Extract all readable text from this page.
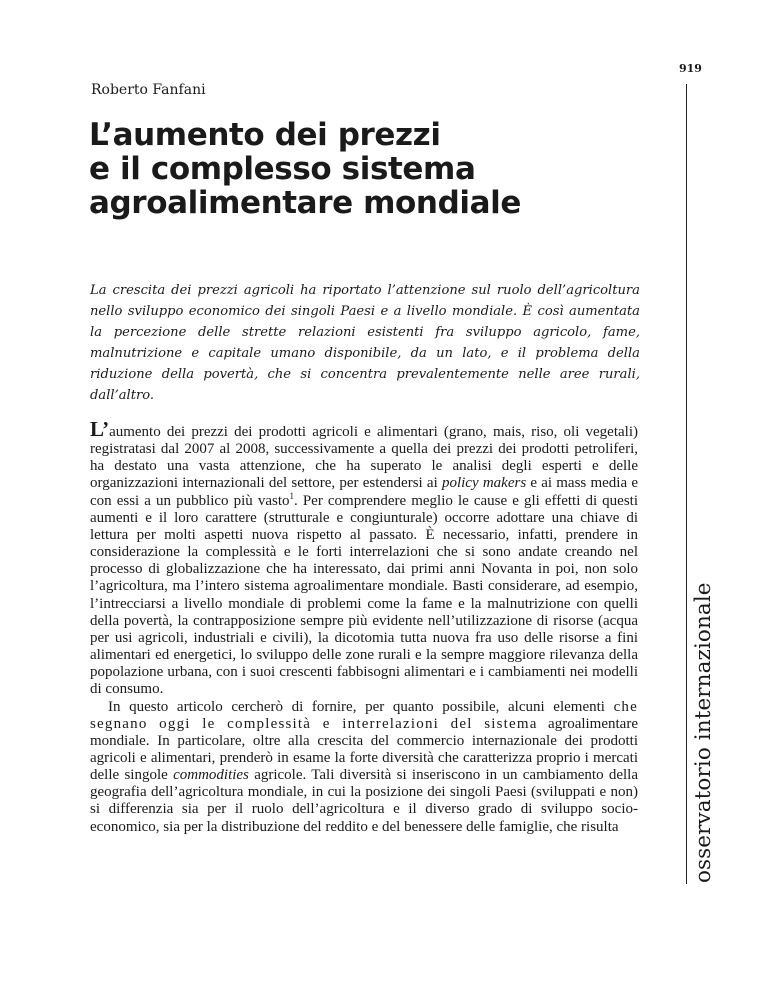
919
osservatorio internazionale
Roberto Fanfani
L’aumento dei prezzi
e il complesso sistema
agroalimentare mondiale

La crescita dei prezzi agricoli ha riportato l’attenzione sul ruolo dell’agricoltura nello sviluppo economico dei singoli Paesi e a livello mondiale. È così aumentata la percezione delle strette relazioni esistenti fra sviluppo agricolo, fame, malnutrizione e capitale umano disponibile, da un lato, e il problema della riduzione della povertà, che si concentra prevalentemente nelle aree rurali, dall’altro.

L’aumento dei prezzi dei prodotti agricoli e alimentari (grano, mais, riso, oli vegetali) registratasi dal 2007 al 2008, successivamente a quella dei prezzi dei prodotti petroliferi, ha destato una vasta attenzione, che ha superato le analisi degli esperti e delle organizzazioni internazionali del settore, per estendersi ai policy makers e ai mass media e con essi a un pubblico più vasto$^1$. Per comprendere meglio le cause e gli effetti di questi aumenti e il loro carattere (strutturale e congiunturale) occorre adottare una chiave di lettura per molti aspetti nuova rispetto al passato. È necessario, infatti, prendere in considerazione la complessità e le forti interrelazioni che si sono andate creando nel processo di globalizzazione che ha interessato, dai primi anni Novanta in poi, non solo l’agricoltura, ma l’intero sistema agroalimentare mondiale. Basti considerare, ad esempio, l’intrecciarsi a livello mondiale di problemi come la fame e la malnutrizione con quelli della povertà, la contrapposizione sempre più evidente nell’utilizzazione di risorse (acqua per usi agricoli, industriali e civili), la dicotomia tutta nuova fra uso delle risorse a fini alimentari ed energetici, lo sviluppo delle zone rurali e la sempre maggiore rilevanza della popolazione urbana, con i suoi crescenti fabbisogni alimentari e i cambiamenti nei modelli di consumo.

In questo articolo cercherò di fornire, per quanto possibile, alcuni elementi che segnano oggi le complessità e interrelazioni del sistema agroalimentare mondiale. In particolare, oltre alla crescita del commercio internazionale dei prodotti agricoli e alimentari, prenderò in esame la forte diversità che caratterizza proprio i mercati delle singole commodities agricole. Tali diversità si inseriscono in un cambiamento della geografia dell’agricoltura mondiale, in cui la posizione dei singoli Paesi (sviluppati e non) si differenzia sia per il ruolo dell’agricoltura e il diverso grado di sviluppo socio-economico, sia per la distribuzione del reddito e del benessere delle famiglie, che risulta
